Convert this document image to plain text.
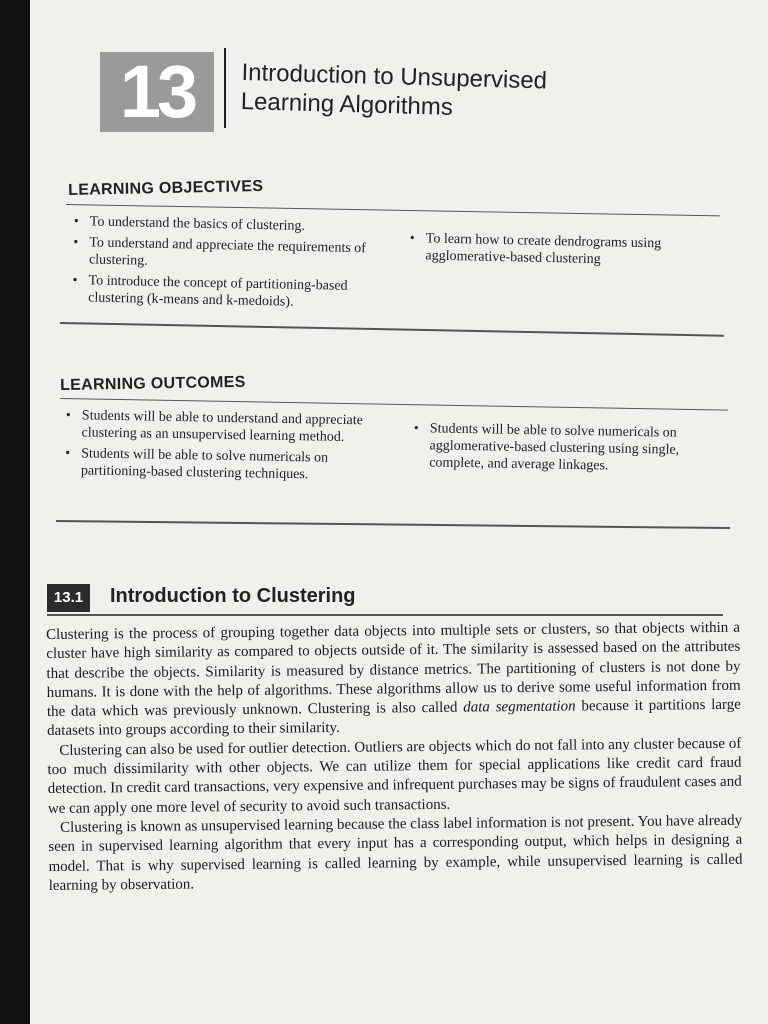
13	Introduction to Unsupervised
Learning Algorithms
LEARNING OBJECTIVES
• To understand the basics of clustering.
• To understand and appreciate the requirements of clustering.
• To introduce the concept of partitioning-based clustering (k-means and k-medoids).
• To learn how to create dendrograms using agglomerative-based clustering
LEARNING OUTCOMES
• Students will be able to understand and appreciate clustering as an unsupervised learning method.
• Students will be able to solve numericals on partitioning-based clustering techniques.
• Students will be able to solve numericals on agglomerative-based clustering using single, complete, and average linkages.
13.1	Introduction to Clustering

Clustering is the process of grouping together data objects into multiple sets or clusters, so that objects within a cluster have high similarity as compared to objects outside of it. The similarity is assessed based on the attributes that describe the objects. Similarity is measured by distance metrics. The partitioning of clusters is not done by humans. It is done with the help of algorithms. These algorithms allow us to derive some useful information from the data which was previously unknown. Clustering is also called data segmentation because it partitions large datasets into groups according to their similarity.

Clustering can also be used for outlier detection. Outliers are objects which do not fall into any cluster because of too much dissimilarity with other objects. We can utilize them for special applications like credit card fraud detection. In credit card transactions, very expensive and infrequent purchases may be signs of fraudulent cases and we can apply one more level of security to avoid such transactions.

Clustering is known as unsupervised learning because the class label information is not present. You have already seen in supervised learning algorithm that every input has a corresponding output, which helps in designing a model. That is why supervised learning is called learning by example, while unsupervised learning is called learning by observation.
